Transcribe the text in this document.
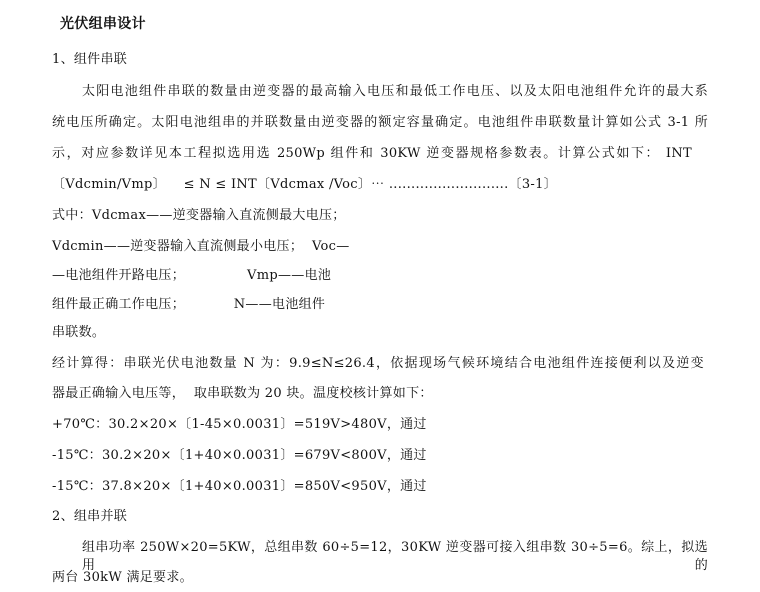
光伏组串设计
1、组件串联
太阳电池组件串联的数量由逆变器的最高输入电压和最低工作电压、以及太阳电池组件允许的最大系
统电压所确定。太阳电池组串的并联数量由逆变器的额定容量确定。电池组件串联数量计算如公式 3-1 所
示，对应参数详见本工程拟选用选 250Wp 组件和 30KW 逆变器规格参数表。计算公式如下： INT
〔Vdcmin/Vmp〕    ≤ N ≤ INT〔Vdcmax /Voc〕⋯ ...........................〔3-1〕
式中：Vdcmax——逆变器输入直流侧最大电压；
Vdcmin——逆变器输入直流侧最小电压；  Voc—
—电池组件开路电压；              Vmp——电池
组件最正确工作电压；           N——电池组件
串联数。
经计算得：串联光伏电池数量 N 为：9.9≤N≤26.4，依据现场气候环境结合电池组件连接便利以及逆变
器最正确输入电压等，  取串联数为 20 块。温度校核计算如下：
+70℃：30.2×20×〔1-45×0.0031〕=519V>480V，通过
-15℃：30.2×20×〔1+40×0.0031〕=679V<800V，通过
-15℃：37.8×20×〔1+40×0.0031〕=850V<950V，通过
2、组串并联
组串功率 250W×20=5KW，总组串数 60÷5=12，30KW 逆变器可接入组串数 30÷5=6。综上，拟选用的
两台 30kW 满足要求。
